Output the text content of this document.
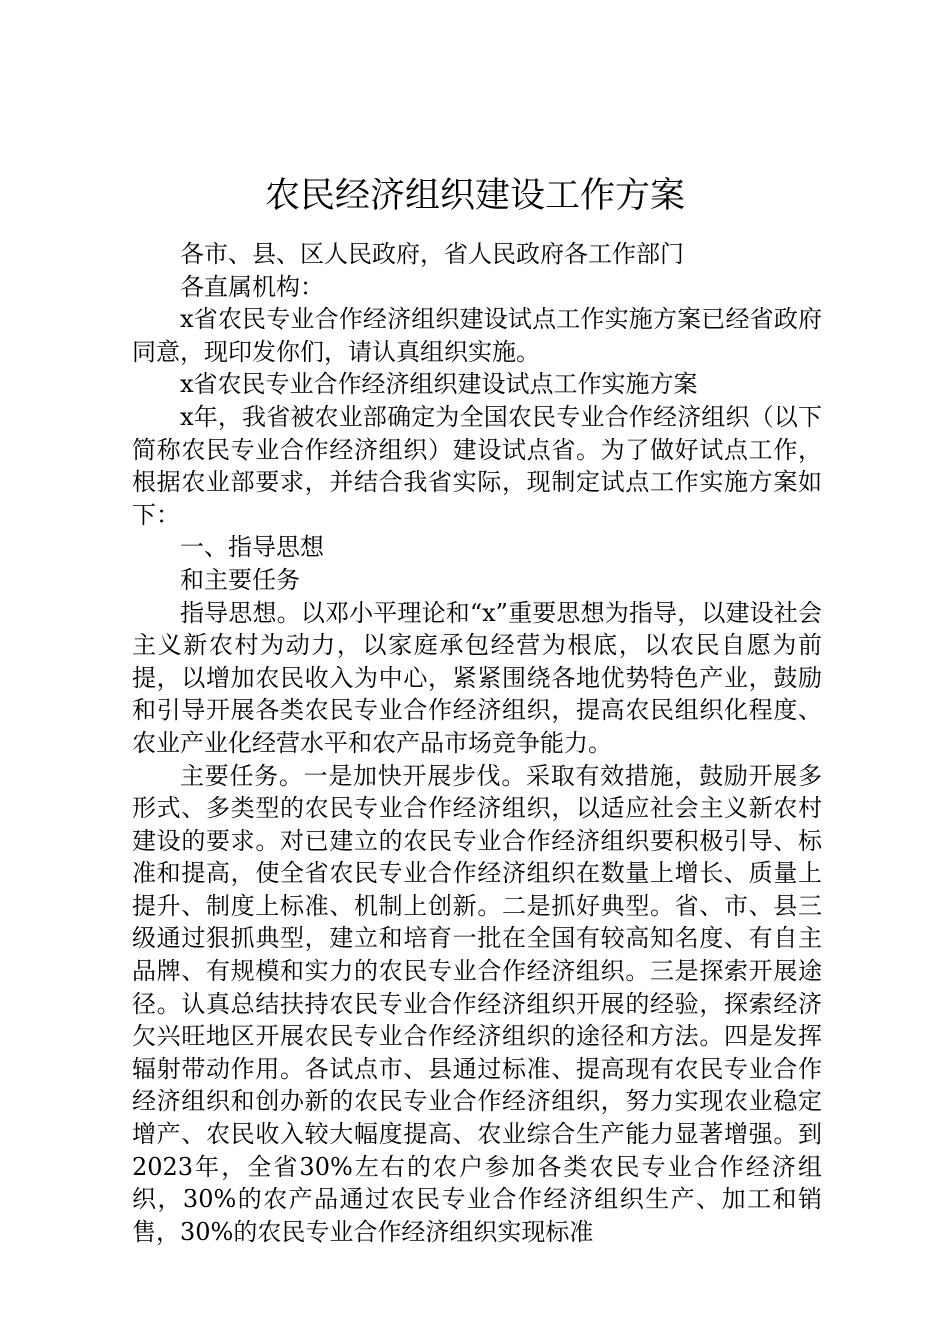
农民经济组织建设工作方案

各市、县、区人民政府，省人民政府各工作部门

各直属机构：

x省农民专业合作经济组织建设试点工作实施方案已经省政府同意，现印发你们，请认真组织实施。

x省农民专业合作经济组织建设试点工作实施方案

x年，我省被农业部确定为全国农民专业合作经济组织（以下简称农民专业合作经济组织）建设试点省。为了做好试点工作，根据农业部要求，并结合我省实际，现制定试点工作实施方案如下：

一、指导思想

和主要任务

指导思想。以邓小平理论和“x”重要思想为指导，以建设社会主义新农村为动力，以家庭承包经营为根底，以农民自愿为前提，以增加农民收入为中心，紧紧围绕各地优势特色产业，鼓励和引导开展各类农民专业合作经济组织，提高农民组织化程度、农业产业化经营水平和农产品市场竞争能力。

主要任务。一是加快开展步伐。采取有效措施，鼓励开展多形式、多类型的农民专业合作经济组织，以适应社会主义新农村建设的要求。对已建立的农民专业合作经济组织要积极引导、标准和提高，使全省农民专业合作经济组织在数量上增长、质量上提升、制度上标准、机制上创新。二是抓好典型。省、市、县三级通过狠抓典型，建立和培育一批在全国有较高知名度、有自主品牌、有规模和实力的农民专业合作经济组织。三是探索开展途径。认真总结扶持农民专业合作经济组织开展的经验，探索经济欠兴旺地区开展农民专业合作经济组织的途径和方法。四是发挥辐射带动作用。各试点市、县通过标准、提高现有农民专业合作经济组织和创办新的农民专业合作经济组织，努力实现农业稳定增产、农民收入较大幅度提高、农业综合生产能力显著增强。到2023年，全省30%左右的农户参加各类农民专业合作经济组织，30%的农产品通过农民专业合作经济组织生产、加工和销售，30%的农民专业合作经济组织实现标准
